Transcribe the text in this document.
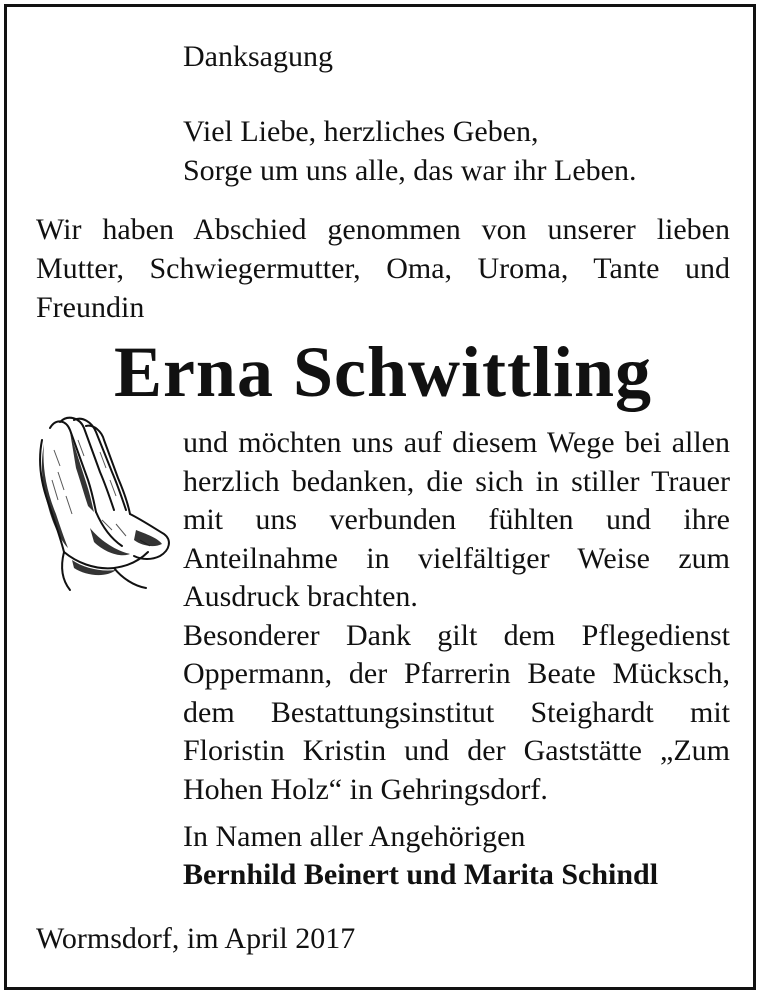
Danksagung
Viel Liebe, herzliches Geben,
Sorge um uns alle, das war ihr Leben.
Wir haben Abschied genommen von unserer lieben Mutter, Schwiegermutter, Oma, Uroma, Tante und Freundin
Erna Schwittling

und möchten uns auf diesem Wege bei allen herzlich bedanken, die sich in stiller Trauer mit uns verbunden fühlten und ihre Anteilnahme in vielfältiger Weise zum Ausdruck brachten.

Besonderer Dank gilt dem Pflegedienst Oppermann, der Pfarrerin Beate Mücksch, dem Bestattungsinstitut Steighardt mit Floristin Kristin und der Gaststätte „Zum Hohen Holz“ in Gehringsdorf.

In Namen aller Angehörigen
Bernhild Beinert und Marita Schindl
Wormsdorf, im April 2017
